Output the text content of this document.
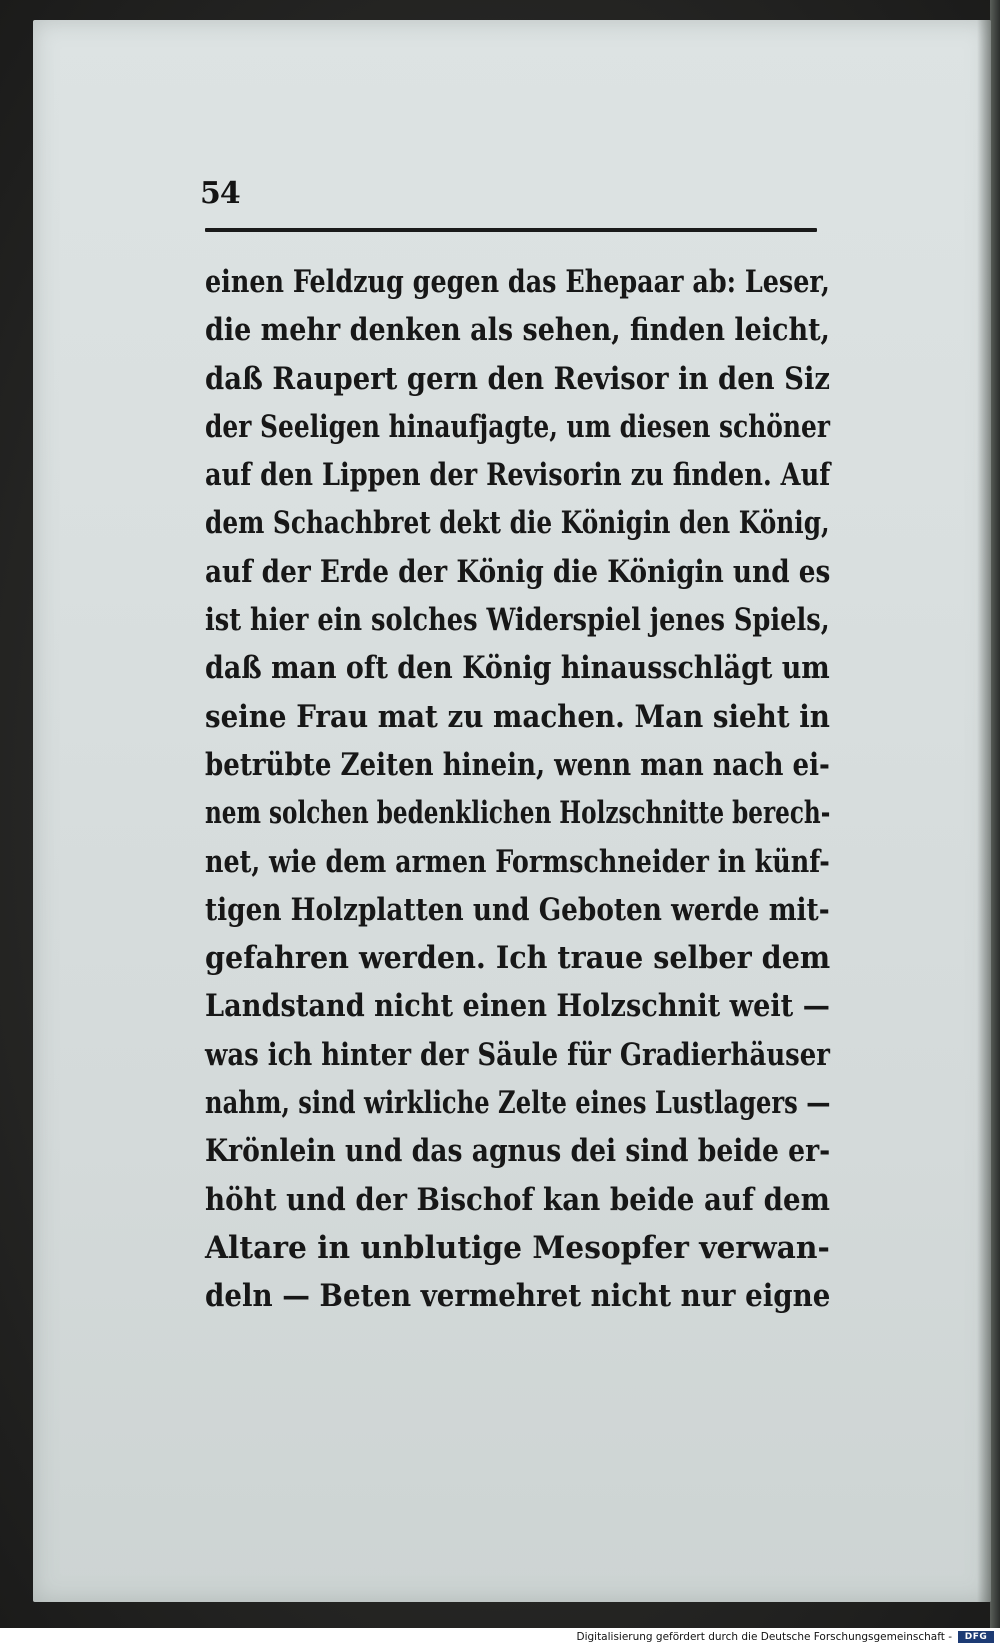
54
einen Feldzug gegen das Ehepaar ab: Leser,
die mehr denken als sehen, finden leicht,
daß Raupert gern den Revisor in den Siz
der Seeligen hinaufjagte, um diesen schöner
auf den Lippen der Revisorin zu finden. Auf
dem Schachbret dekt die Königin den König,
auf der Erde der König die Königin und es
ist hier ein solches Widerspiel jenes Spiels,
daß man oft den König hinausschlägt um
seine Frau mat zu machen. Man sieht in
betrübte Zeiten hinein, wenn man nach ei-
nem solchen bedenklichen Holzschnitte berech-
net, wie dem armen Formschneider in künf-
tigen Holzplatten und Geboten werde mit-
gefahren werden. Ich traue selber dem
Landstand nicht einen Holzschnit weit —
was ich hinter der Säule für Gradierhäuser
nahm, sind wirkliche Zelte eines Lustlagers —
Krönlein und das agnus dei sind beide er-
höht und der Bischof kan beide auf dem
Altare in unblutige Mesopfer verwan-
deln — Beten vermehret nicht nur eigne
Digitalisierung gefördert durch die Deutsche Forschungsgemeinschaft -	DFG
